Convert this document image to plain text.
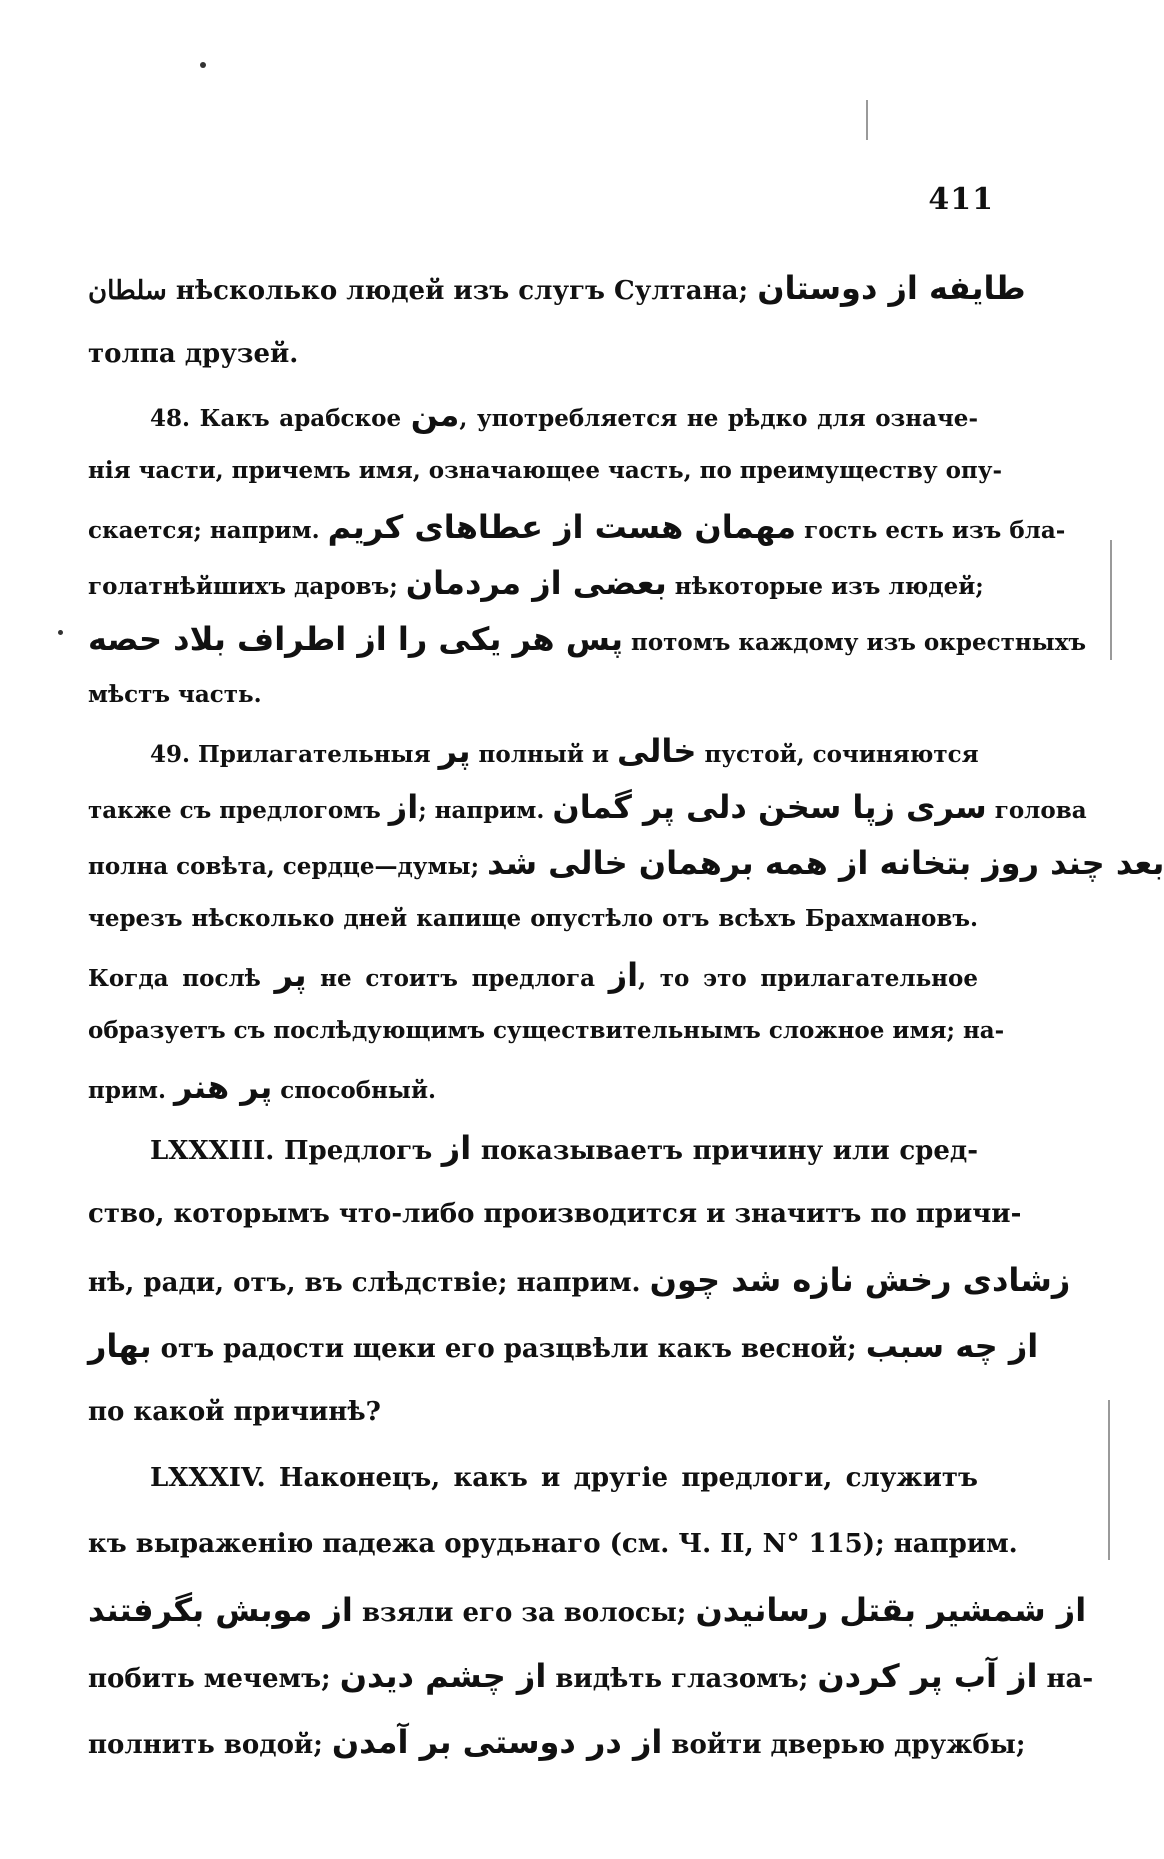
411
سلطان нѣсколько людей изъ слугъ Султана; طایفه از دوستان
толпа друзей.
48. Какъ арабское من, употребляется не рѣдко для означе-
нія части, причемъ имя, означающее часть, по преимуществу опу-
скается; наприм. مهمان هست از عطاهای کریم гость есть изъ бла-
голатнѣйшихъ даровъ; بعضی از مردمان нѣкоторые изъ людей;
پس هر یکی را از اطراف بلاد حصه потомъ каждому изъ окрестныхъ
мѣстъ часть.
49. Прилагательныя پر полный и خالی пустой, сочиняются
также съ предлогомъ از; наприм. سری زپا سخن دلی پر گمان голова
полна совѣта, сердце—думы; بعد چند روز بتخانه از همه برهمان خالی شد
черезъ нѣсколько дней капище опустѣло отъ всѣхъ Брахмановъ.
Когда послѣ پر не стоитъ предлога از, то это прилагательное
образуетъ съ послѣдующимъ существительнымъ сложное имя; на-
прим. پر هنر способный.
LXXXIII. Предлогъ از показываетъ причину или сред-
ство, которымъ что-либо производится и значитъ по причи-
нѣ, ради, отъ, въ слѣдствіе; наприм. زشادی رخش نازه شد چون
بهار отъ радости щеки его разцвѣли какъ весной; از چه سبب
по какой причинѣ?
LXXXIV. Наконецъ, какъ и другіе предлоги, служитъ
къ выраженію падежа орудьнаго (см. Ч. II, N° 115); наприм.
از موبش بگرفتند взяли его за волосы; از شمشیر بقتل رسانیدن
побить мечемъ; از چشم دیدن видѣть глазомъ; از آب پر کردن на-
полнить водой; از در دوستی بر آمدن войти дверью дружбы;
